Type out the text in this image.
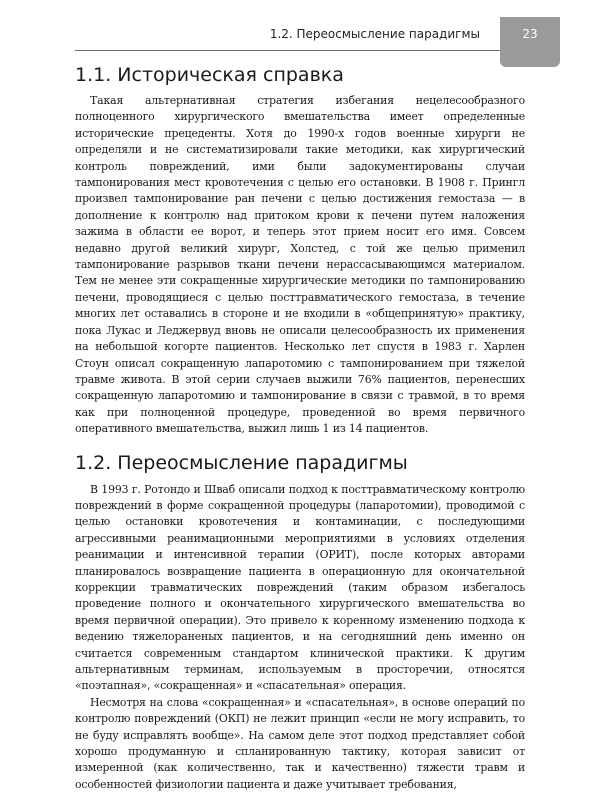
1.2. Переосмысление парадигмы	23
1.1. Историческая справка

Такая альтернативная стратегия избегания нецелесообразного полноценного хирургического вмешательства имеет определенные исторические прецеденты. Хотя до 1990-х годов военные хирурги не определяли и не систематизировали такие методики, как хирургический контроль повреждений, ими были задокументированы случаи тампонирования мест кровотечения с целью его остановки. В 1908 г. Прингл произвел тампонирование ран печени с целью достижения гемостаза — в дополнение к контролю над притоком крови к печени путем наложения зажима в области ее ворот, и теперь этот прием носит его имя. Совсем недавно другой великий хирург, Холстед, с той же целью применил тампонирование разрывов ткани печени нерассасывающимся материалом. Тем не менее эти сокращенные хирургические методики по тампонированию печени, проводящиеся с целью посттравматического гемостаза, в течение многих лет оставались в стороне и не входили в «общепринятую» практику, пока Лукас и Леджервуд вновь не описали целесообразность их применения на небольшой когорте пациентов. Несколько лет спустя в 1983 г. Харлен Стоун описал сокращенную лапаротомию с тампонированием при тяжелой травме живота. В этой серии случаев выжили 76% пациентов, перенесших сокращенную лапаротомию и тампонирование в связи с травмой, в то время как при полноценной процедуре, проведенной во время первичного оперативного вмешательства, выжил лишь 1 из 14 пациентов.

1.2. Переосмысление парадигмы

В 1993 г. Ротондо и Шваб описали подход к посттравматическому контролю повреждений в форме сокращенной процедуры (лапаротомии), проводимой с целью остановки кровотечения и контаминации, с последующими агрессивными реанимационными мероприятиями в условиях отделения реанимации и интенсивной терапии (ОРИТ), после которых авторами планировалось возвращение пациента в операционную для окончательной коррекции травматических повреждений (таким образом избегалось проведение полного и окончательного хирургического вмешательства во время первичной операции). Это привело к коренному изменению подхода к ведению тяжелораненых пациентов, и на сегодняшний день именно он считается современным стандартом клинической практики. К другим альтернативным терминам, используемым в просторечии, относятся «поэтапная», «сокращенная» и «спасательная» операция.

Несмотря на слова «сокращенная» и «спасательная», в основе операций по контролю повреждений (ОКП) не лежит принцип «если не могу исправить, то не буду исправлять вообще». На самом деле этот подход представляет собой хорошо продуманную и спланированную тактику, которая зависит от измеренной (как количественно, так и качественно) тяжести травм и особенностей физиологии пациента и даже учитывает требования,
